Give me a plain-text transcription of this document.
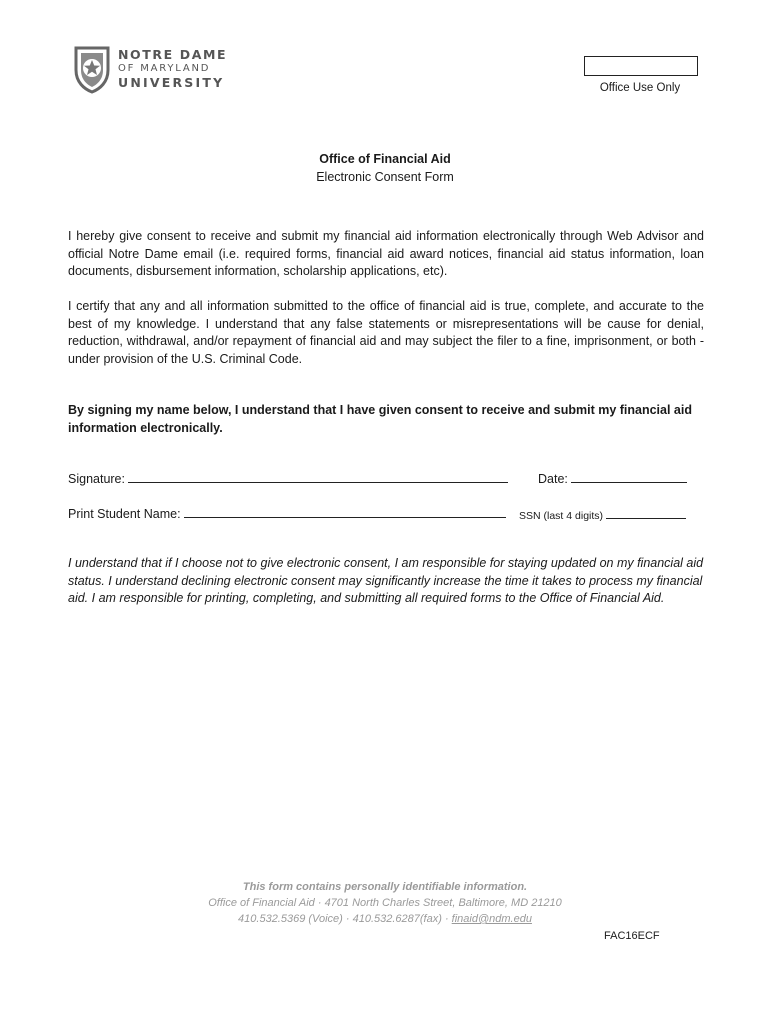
NOTRE DAME
OF MARYLAND
UNIVERSITY	Office Use Only
Office of Financial Aid
Electronic Consent Form

I hereby give consent to receive and submit my financial aid information electronically through Web Advisor and official Notre Dame email (i.e. required forms, financial aid award notices, financial aid status information, loan documents, disbursement information, scholarship applications, etc).

I certify that any and all information submitted to the office of financial aid is true, complete, and accurate to the best of my knowledge. I understand that any false statements or misrepresentations will be cause for denial, reduction, withdrawal, and/or repayment of financial aid and may subject the filer to a fine, imprisonment, or both - under provision of the U.S. Criminal Code.

By signing my name below, I understand that I have given consent to receive and submit my financial aid information electronically.

Signature:	Date:
Print Student Name:	SSN (last 4 digits)

I understand that if I choose not to give electronic consent, I am responsible for staying updated on my financial aid status. I understand declining electronic consent may significantly increase the time it takes to process my financial aid. I am responsible for printing, completing, and submitting all required forms to the Office of Financial Aid.

This form contains personally identifiable information.
Office of Financial Aid · 4701 North Charles Street, Baltimore, MD 21210
410.532.5369 (Voice) · 410.532.6287(fax) · finaid@ndm.edu
FAC16ECF
